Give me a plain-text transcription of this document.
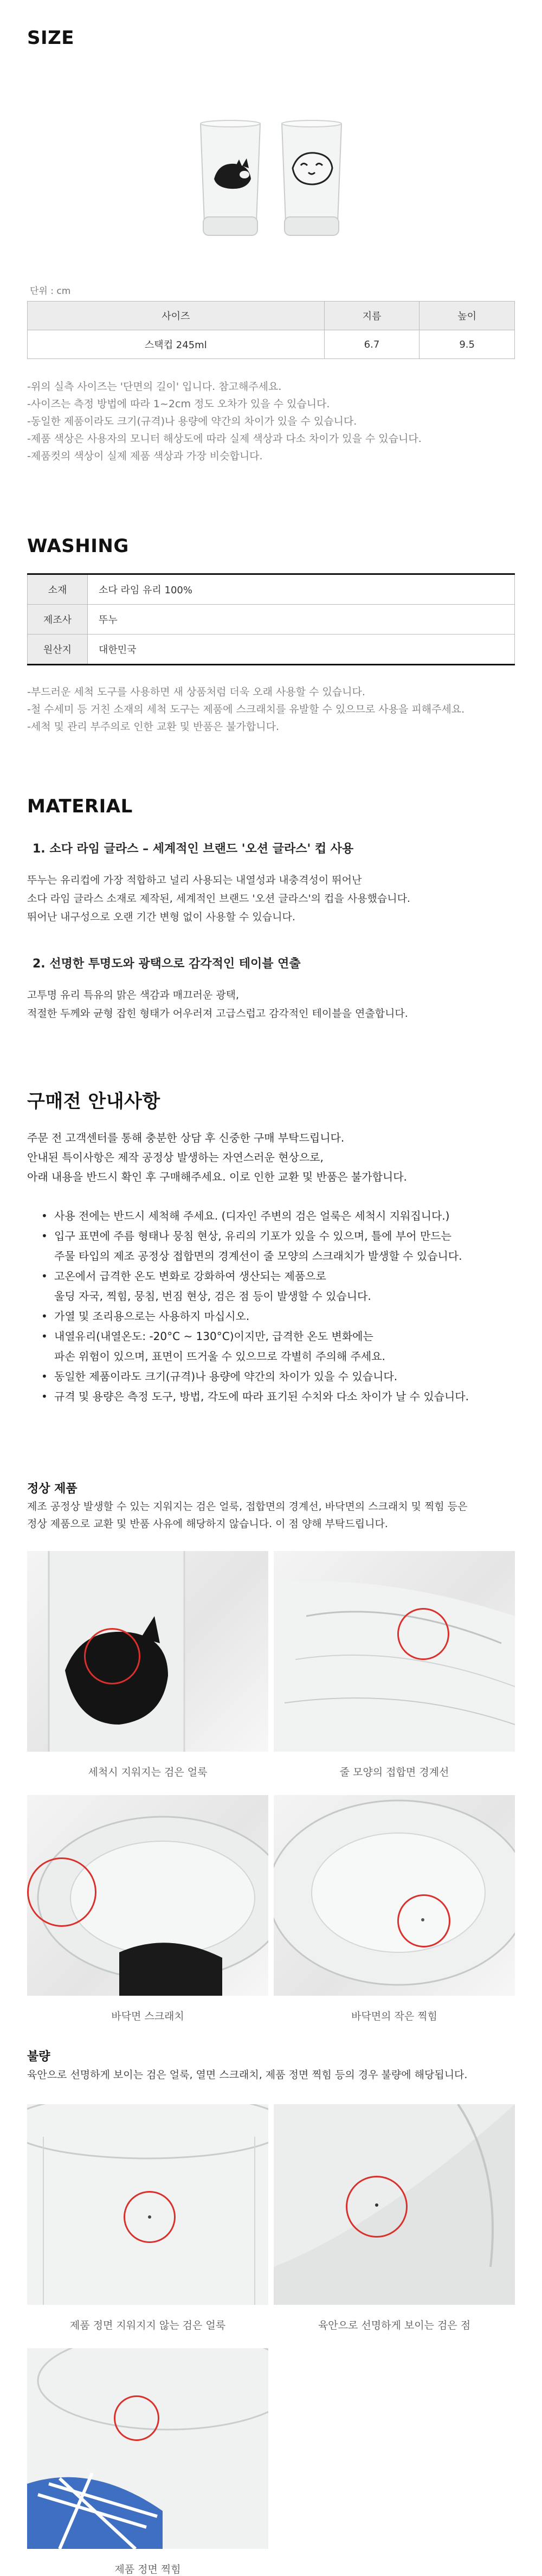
SIZE
단위 : cm
사이즈	지름	높이
스택컵 245ml	6.7	9.5
-위의 실측 사이즈는 '단면의 길이' 입니다. 참고해주세요.
-사이즈는 측정 방법에 따라 1~2cm 정도 오차가 있을 수 있습니다.
-동일한 제품이라도 크기(규격)나 용량에 약간의 차이가 있을 수 있습니다.
-제품 색상은 사용자의 모니터 해상도에 따라 실제 색상과 다소 차이가 있을 수 있습니다.
-제품컷의 색상이 실제 제품 색상과 가장 비슷합니다.
WASHING
소재	소다 라임 유리 100%
제조사	뚜누
원산지	대한민국
-부드러운 세척 도구를 사용하면 새 상품처럼 더욱 오래 사용할 수 있습니다.
-철 수세미 등 거친 소재의 세척 도구는 제품에 스크래치를 유발할 수 있으므로 사용을 피해주세요.
-세척 및 관리 부주의로 인한 교환 및 반품은 불가합니다.
MATERIAL
1. 소다 라임 글라스 – 세계적인 브랜드 '오션 글라스' 컵 사용
뚜누는 유리컵에 가장 적합하고 널리 사용되는 내열성과 내충격성이 뛰어난
소다 라임 글라스 소재로 제작된, 세계적인 브랜드 '오션 글라스'의 컵을 사용했습니다.
뛰어난 내구성으로 오랜 기간 변형 없이 사용할 수 있습니다.
2. 선명한 투명도와 광택으로 감각적인 테이블 연출
고투명 유리 특유의 맑은 색감과 매끄러운 광택,
적절한 두께와 균형 잡힌 형태가 어우러져 고급스럽고 감각적인 테이블을 연출합니다.
구매전 안내사항
주문 전 고객센터를 통해 충분한 상담 후 신중한 구매 부탁드립니다.
안내된 특이사항은 제작 공정상 발생하는 자연스러운 현상으로,
아래 내용을 반드시 확인 후 구매해주세요. 이로 인한 교환 및 반품은 불가합니다.
• 사용 전에는 반드시 세척해 주세요. (디자인 주변의 검은 얼룩은 세척시 지워집니다.)
• 입구 표면에 주름 형태나 뭉침 현상, 유리의 기포가 있을 수 있으며, 틀에 부어 만드는
주물 타입의 제조 공정상 접합면의 경계선이 줄 모양의 스크래치가 발생할 수 있습니다.
• 고온에서 급격한 온도 변화로 강화하여 생산되는 제품으로
울딩 자국, 찍힘, 뭉침, 번짐 현상, 검은 점 등이 발생할 수 있습니다.
• 가열 및 조리용으로는 사용하지 마십시오.
• 내열유리(내열온도: -20°C ~ 130°C)이지만, 급격한 온도 변화에는
파손 위험이 있으며, 표면이 뜨거울 수 있으므로 각별히 주의해 주세요.
• 동일한 제품이라도 크기(규격)나 용량에 약간의 차이가 있을 수 있습니다.
• 규격 및 용량은 측정 도구, 방법, 각도에 따라 표기된 수치와 다소 차이가 날 수 있습니다.
정상 제품
제조 공정상 발생할 수 있는 지워지는 검은 얼룩, 접합면의 경계선, 바닥면의 스크래치 및 찍힘 등은
정상 제품으로 교환 및 반품 사유에 해당하지 않습니다. 이 점 양해 부탁드립니다.
세척시 지워지는 검은 얼룩	줄 모양의 접합면 경계선
바닥면 스크래치	바닥면의 작은 찍힘
불량
육안으로 선명하게 보이는 검은 얼룩, 열면 스크래치, 제품 정면 찍힘 등의 경우 불량에 해당됩니다.
제품 정면 지워지지 않는 검은 얼룩	육안으로 선명하게 보이는 검은 점
제품 정면 찍힘
